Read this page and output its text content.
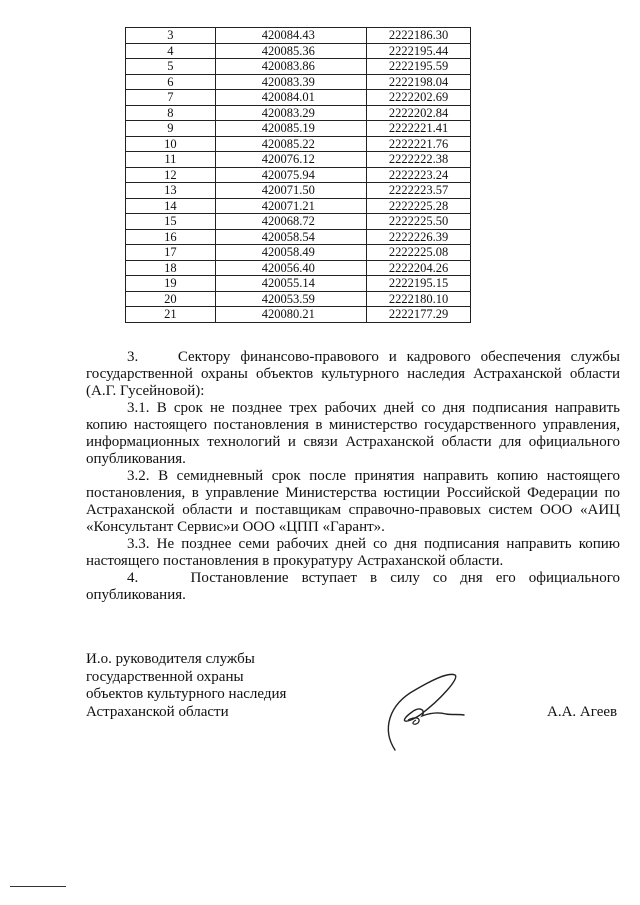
3	420084.43	2222186.30
4	420085.36	2222195.44
5	420083.86	2222195.59
6	420083.39	2222198.04
7	420084.01	2222202.69
8	420083.29	2222202.84
9	420085.19	2222221.41
10	420085.22	2222221.76
11	420076.12	2222222.38
12	420075.94	2222223.24
13	420071.50	2222223.57
14	420071.21	2222225.28
15	420068.72	2222225.50
16	420058.54	2222226.39
17	420058.49	2222225.08
18	420056.40	2222204.26
19	420055.14	2222195.15
20	420053.59	2222180.10
21	420080.21	2222177.29

3.    Сектору финансово-правового и кадрового обеспечения службы государственной охраны объектов культурного наследия Астраханской области (А.Г. Гусейновой):

3.1. В срок не позднее трех рабочих дней со дня подписания направить копию настоящего постановления в министерство государственного управления, информационных технологий и связи Астраханской области для официального опубликования.

3.2. В семидневный срок после принятия направить копию настоящего постановления, в управление Министерства юстиции Российской Федерации по Астраханской области и поставщикам справочно-правовых систем ООО «АИЦ «Консультант Сервис»и ООО «ЦПП «Гарант».

3.3. Не позднее семи рабочих дней со дня подписания направить копию настоящего постановления в прокуратуру Астраханской области.

4.    Постановление вступает в силу со дня его официального опубликования.

И.о. руководителя службы
государственной охраны
объектов культурного наследия
Астраханской области	А.А. Агеев
